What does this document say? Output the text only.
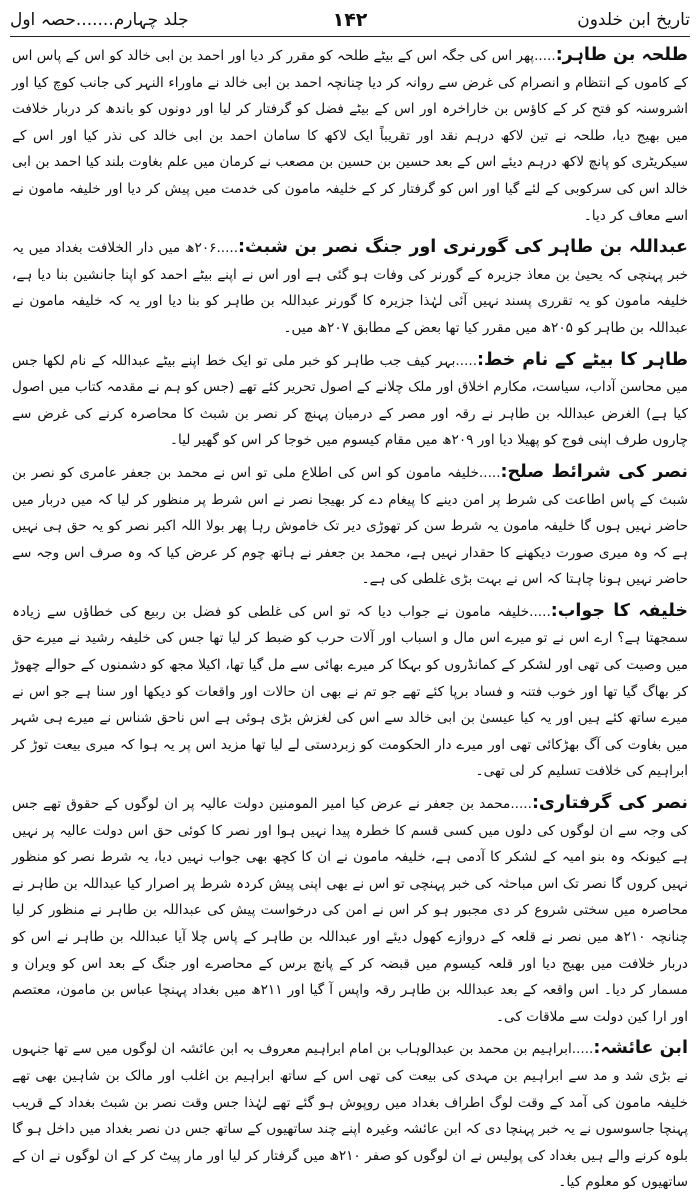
تاریخ ابن خلدون
۱۴۲
جلد چہارم.......حصہ اول

طلحہ بن طاہر:.....پھر اس کی جگہ اس کے بیٹے طلحہ کو مقرر کر دیا اور احمد بن ابی خالد کو اس کے پاس اس کے کاموں کے انتظام و انصرام کی غرض سے روانہ کر دیا چنانچہ احمد بن ابی خالد نے ماوراء النہر کی جانب کوچ کیا اور اشروسنہ کو فتح کر کے کاؤس بن خاراخرہ اور اس کے بیٹے فضل کو گرفتار کر لیا اور دونوں کو باندھ کر دربار خلافت میں بھیج دیا، طلحہ نے تین لاکھ درہم نقد اور تقریباً ایک لاکھ کا سامان احمد بن ابی خالد کی نذر کیا اور اس کے سیکریٹری کو پانچ لاکھ درہم دیئے اس کے بعد حسین بن حسین بن مصعب نے کرمان میں علم بغاوت بلند کیا احمد بن ابی خالد اس کی سرکوبی کے لئے گیا اور اس کو گرفتار کر کے خلیفہ مامون کی خدمت میں پیش کر دیا اور خلیفہ مامون نے اسے معاف کر دیا۔

عبداللہ بن طاہر کی گورنری اور جنگ نصر بن شبث:.....۲۰۶ھ میں دار الخلافت بغداد میں یہ خبر پہنچی کہ یحییٰ بن معاذ جزیرہ کے گورنر کی وفات ہو گئی ہے اور اس نے اپنے بیٹے احمد کو اپنا جانشین بنا دیا ہے، خلیفہ مامون کو یہ تقرری پسند نہیں آئی لہٰذا جزیرہ کا گورنر عبداللہ بن طاہر کو بنا دیا اور یہ کہ خلیفہ مامون نے عبداللہ بن طاہر کو ۲۰۵ھ میں مقرر کیا تھا بعض کے مطابق ۲۰۷ھ میں۔

طاہر کا بیٹے کے نام خط:.....بہر کیف جب طاہر کو خبر ملی تو ایک خط اپنے بیٹے عبداللہ کے نام لکھا جس میں محاسن آداب، سیاست، مکارم اخلاق اور ملک چلانے کے اصول تحریر کئے تھے (جس کو ہم نے مقدمہ کتاب میں اصول کیا ہے) الغرض عبداللہ بن طاہر نے رقہ اور مصر کے درمیان پہنچ کر نصر بن شبث کا محاصرہ کرنے کی غرض سے چاروں طرف اپنی فوج کو پھیلا دیا اور ۲۰۹ھ میں مقام کیسوم میں خوجا کر اس کو گھیر لیا۔

نصر کی شرائط صلح:.....خلیفہ مامون کو اس کی اطلاع ملی تو اس نے محمد بن جعفر عامری کو نصر بن شبث کے پاس اطاعت کی شرط پر امن دینے کا پیغام دے کر بھیجا نصر نے اس شرط پر منظور کر لیا کہ میں دربار میں حاضر نہیں ہوں گا خلیفہ مامون یہ شرط سن کر تھوڑی دیر تک خاموش رہا پھر بولا اللہ اکبر نصر کو یہ حق ہی نہیں ہے کہ وہ میری صورت دیکھنے کا حقدار نہیں ہے، محمد بن جعفر نے ہاتھ چوم کر عرض کیا کہ وہ صرف اس وجہ سے حاضر نہیں ہونا چاہتا کہ اس نے بہت بڑی غلطی کی ہے۔

خلیفہ کا جواب:.....خلیفہ مامون نے جواب دیا کہ تو اس کی غلطی کو فضل بن ربیع کی خطاؤں سے زیادہ سمجھتا ہے؟ ارے اس نے تو میرے اس مال و اسباب اور آلات حرب کو ضبط کر لیا تھا جس کی خلیفہ رشید نے میرے حق میں وصیت کی تھی اور لشکر کے کمانڈروں کو بہکا کر میرے بھائی سے مل گیا تھا، اکیلا مجھ کو دشمنوں کے حوالے چھوڑ کر بھاگ گیا تھا اور خوب فتنہ و فساد برپا کئے تھے جو تم نے بھی ان حالات اور واقعات کو دیکھا اور سنا ہے جو اس نے میرے ساتھ کئے ہیں اور یہ کیا عیسیٰ بن ابی خالد سے اس کی لغزش بڑی ہوئی ہے اس ناحق شناس نے میرے ہی شہر میں بغاوت کی آگ بھڑکائی تھی اور میرے دار الحکومت کو زبردستی لے لیا تھا مزید اس پر یہ ہوا کہ میری بیعت توڑ کر ابراہیم کی خلافت تسلیم کر لی تھی۔

نصر کی گرفتاری:.....محمد بن جعفر نے عرض کیا امیر المومنین دولت عالیہ پر ان لوگوں کے حقوق تھے جس کی وجہ سے ان لوگوں کی دلوں میں کسی قسم کا خطرہ پیدا نہیں ہوا اور نصر کا کوئی حق اس دولت عالیہ پر نہیں ہے کیونکہ وہ بنو امیہ کے لشکر کا آدمی ہے، خلیفہ مامون نے ان کا کچھ بھی جواب نہیں دیا، یہ شرط نصر کو منظور نہیں کروں گا نصر تک اس مباحثہ کی خبر پہنچی تو اس نے بھی اپنی پیش کردہ شرط پر اصرار کیا عبداللہ بن طاہر نے محاصرہ میں سختی شروع کر دی مجبور ہو کر اس نے امن کی درخواست پیش کی عبداللہ بن طاہر نے منظور کر لیا چنانچہ ۲۱۰ھ میں نصر نے قلعہ کے دروازے کھول دیئے اور عبداللہ بن طاہر کے پاس چلا آیا عبداللہ بن طاہر نے اس کو دربار خلافت میں بھیج دیا اور قلعہ کیسوم میں قبضہ کر کے پانچ برس کے محاصرے اور جنگ کے بعد اس کو ویران و مسمار کر دیا۔ اس واقعہ کے بعد عبداللہ بن طاہر رقہ واپس آ گیا اور ۲۱۱ھ میں بغداد پہنچا عباس بن مامون، معتصم اور ارا کین دولت سے ملاقات کی۔

ابن عائشہ:.....ابراہیم بن محمد بن عبدالوہاب بن امام ابراہیم معروف بہ ابن عائشہ ان لوگوں میں سے تھا جنہوں نے بڑی شد و مد سے ابراہیم بن مہدی کی بیعت کی تھی اس کے ساتھ ابراہیم بن اغلب اور مالک بن شاہین بھی تھے خلیفہ مامون کی آمد کے وقت لوگ اطراف بغداد میں روپوش ہو گئے تھے لہٰذا جس وقت نصر بن شبث بغداد کے قریب پہنچا جاسوسوں نے یہ خبر پہنچا دی کہ ابن عائشہ وغیرہ اپنے چند ساتھیوں کے ساتھ جس دن نصر بغداد میں داخل ہو گا بلوہ کرنے والے ہیں بغداد کی پولیس نے ان لوگوں کو صفر ۲۱۰ھ میں گرفتار کر لیا اور مار پیٹ کر کے ان لوگوں نے ان کے ساتھیوں کو معلوم کیا۔
